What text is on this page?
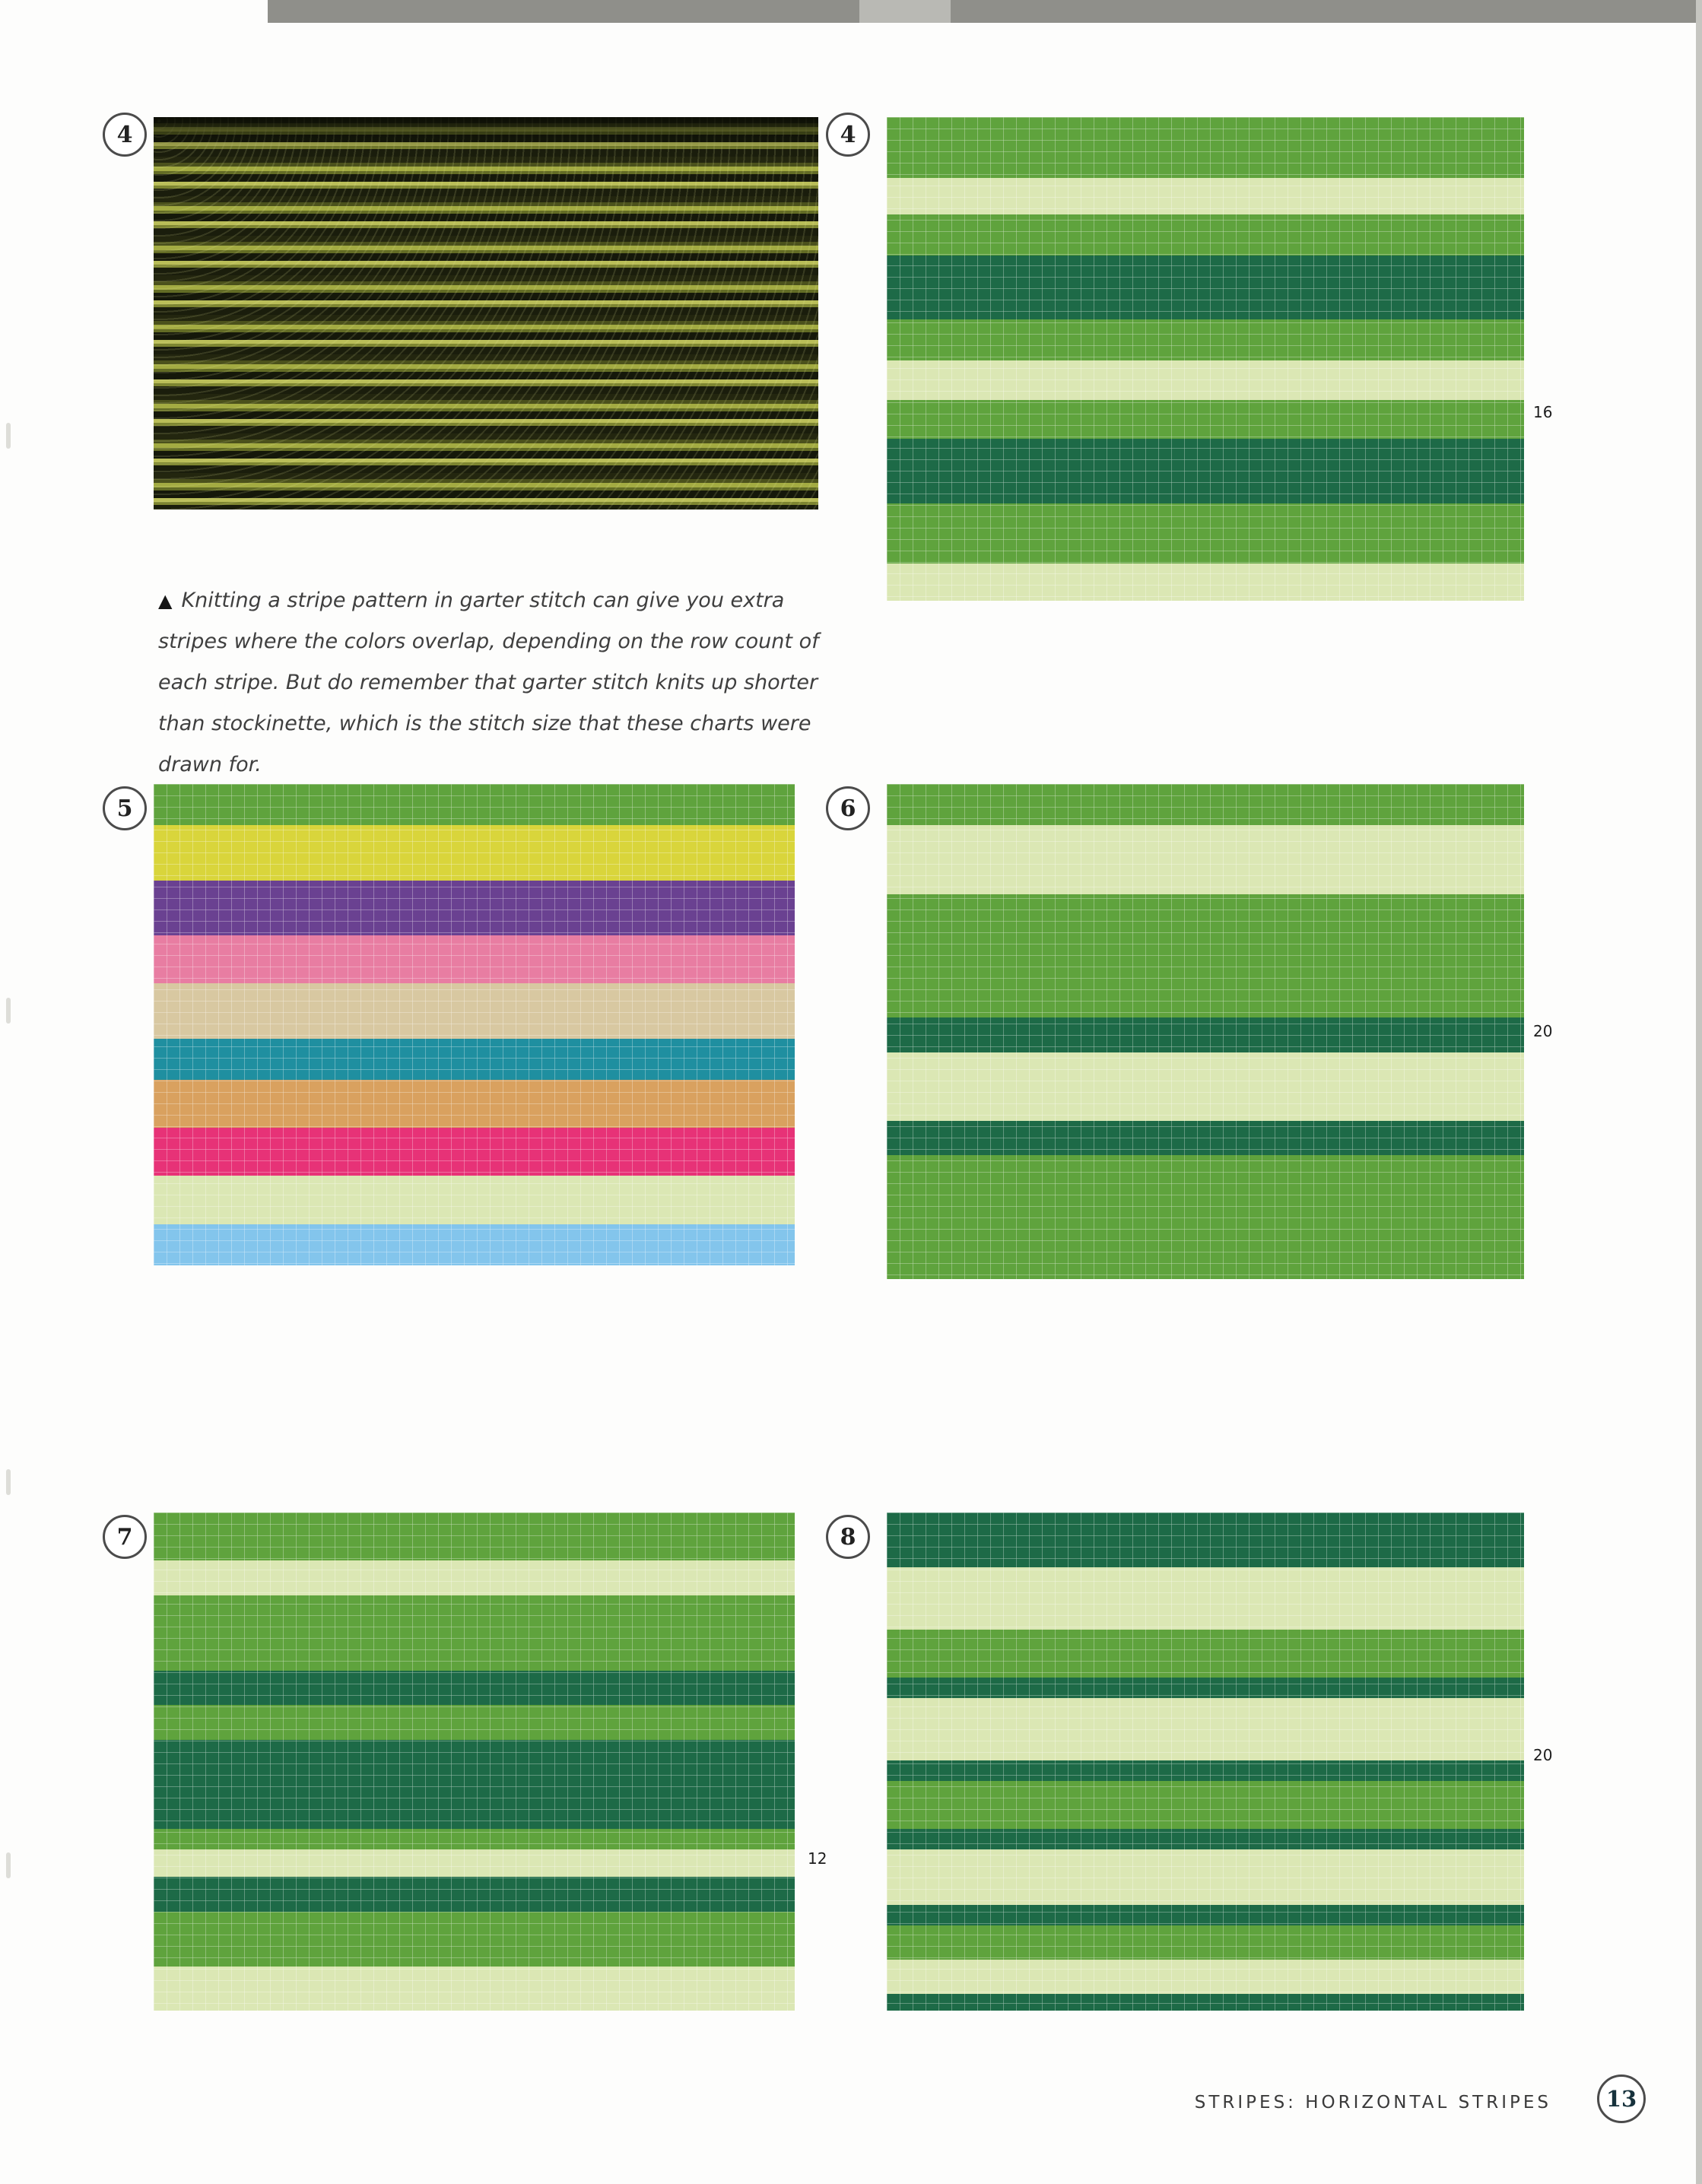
4	4
16

▲ Knitting a stripe pattern in garter stitch can give you extra stripes where the colors overlap, depending on the row count of each stripe. But do remember that garter stitch knits up shorter than stockinette, which is the stitch size that these charts were drawn for.

5	6
20
7
12
8
20
STRIPES: HORIZONTAL STRIPES 13
